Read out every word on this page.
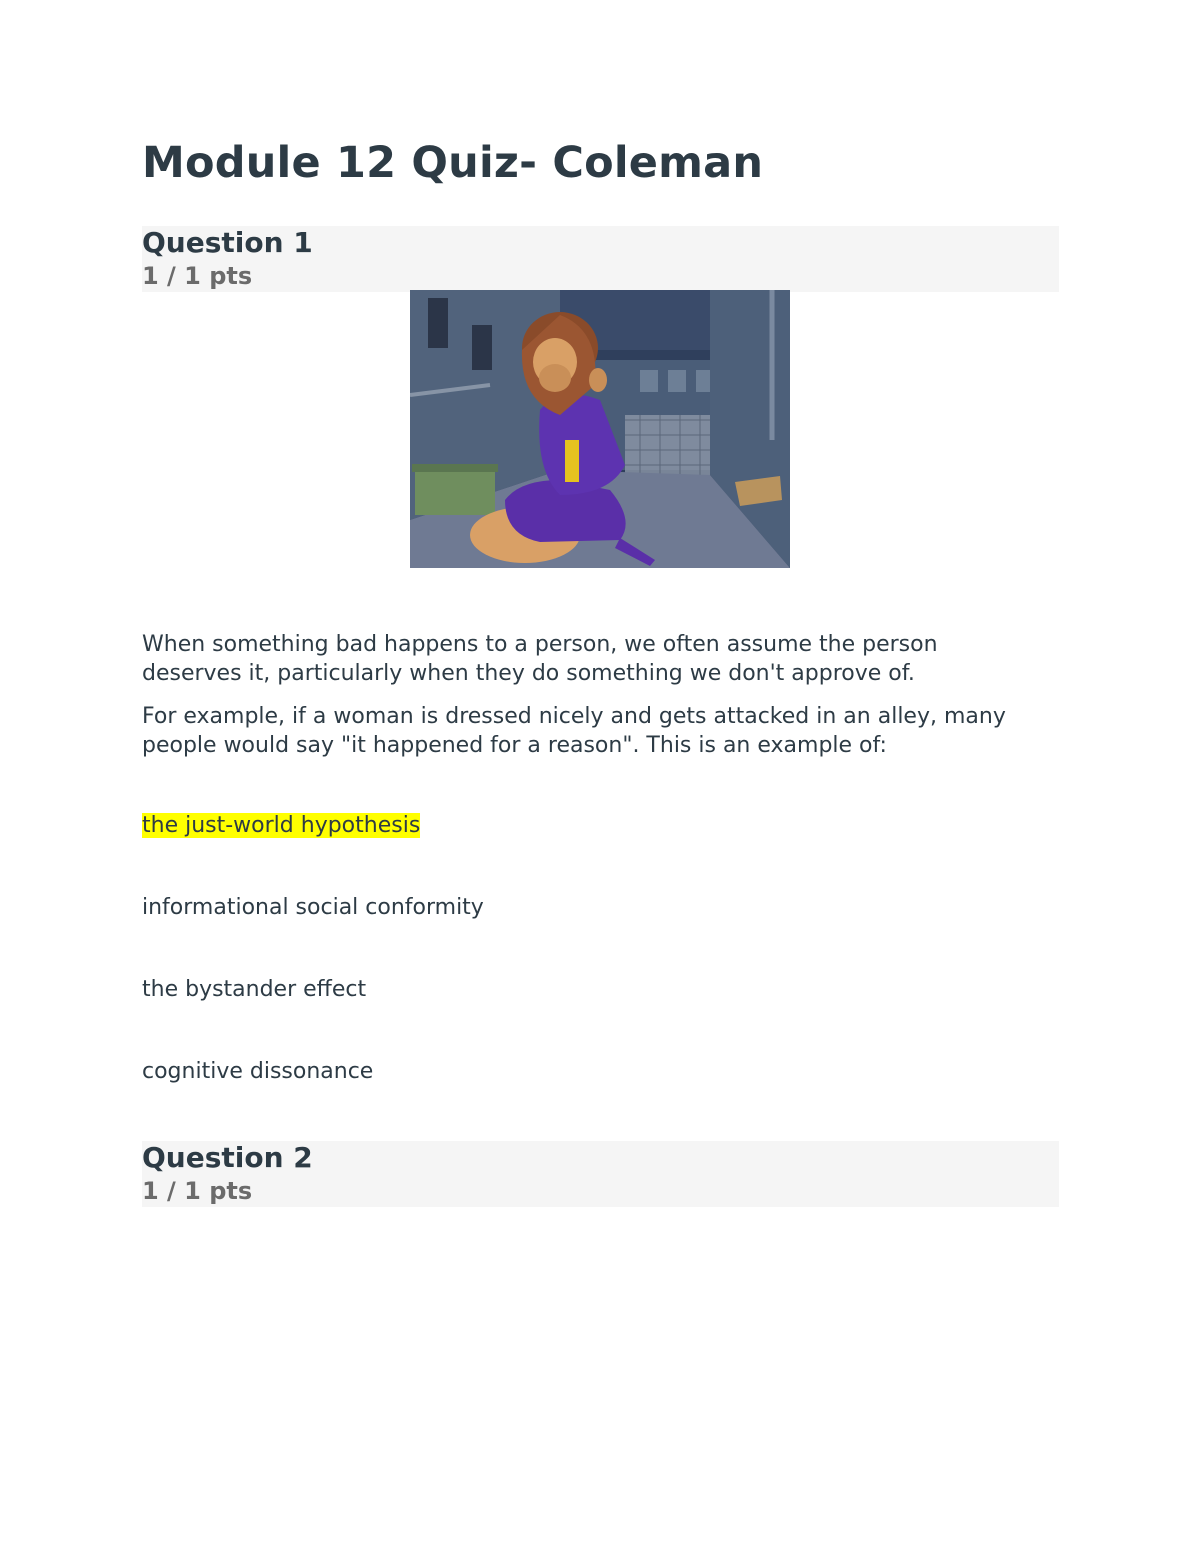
Module 12 Quiz- Coleman
Question 1
1 / 1 pts

When something bad happens to a person, we often assume the person deserves it, particularly when they do something we don't approve of.

For example, if a woman is dressed nicely and gets attacked in an alley, many people would say "it happened for a reason". This is an example of:

the just-world hypothesis
informational social conformity
the bystander effect
cognitive dissonance
Question 2
1 / 1 pts
